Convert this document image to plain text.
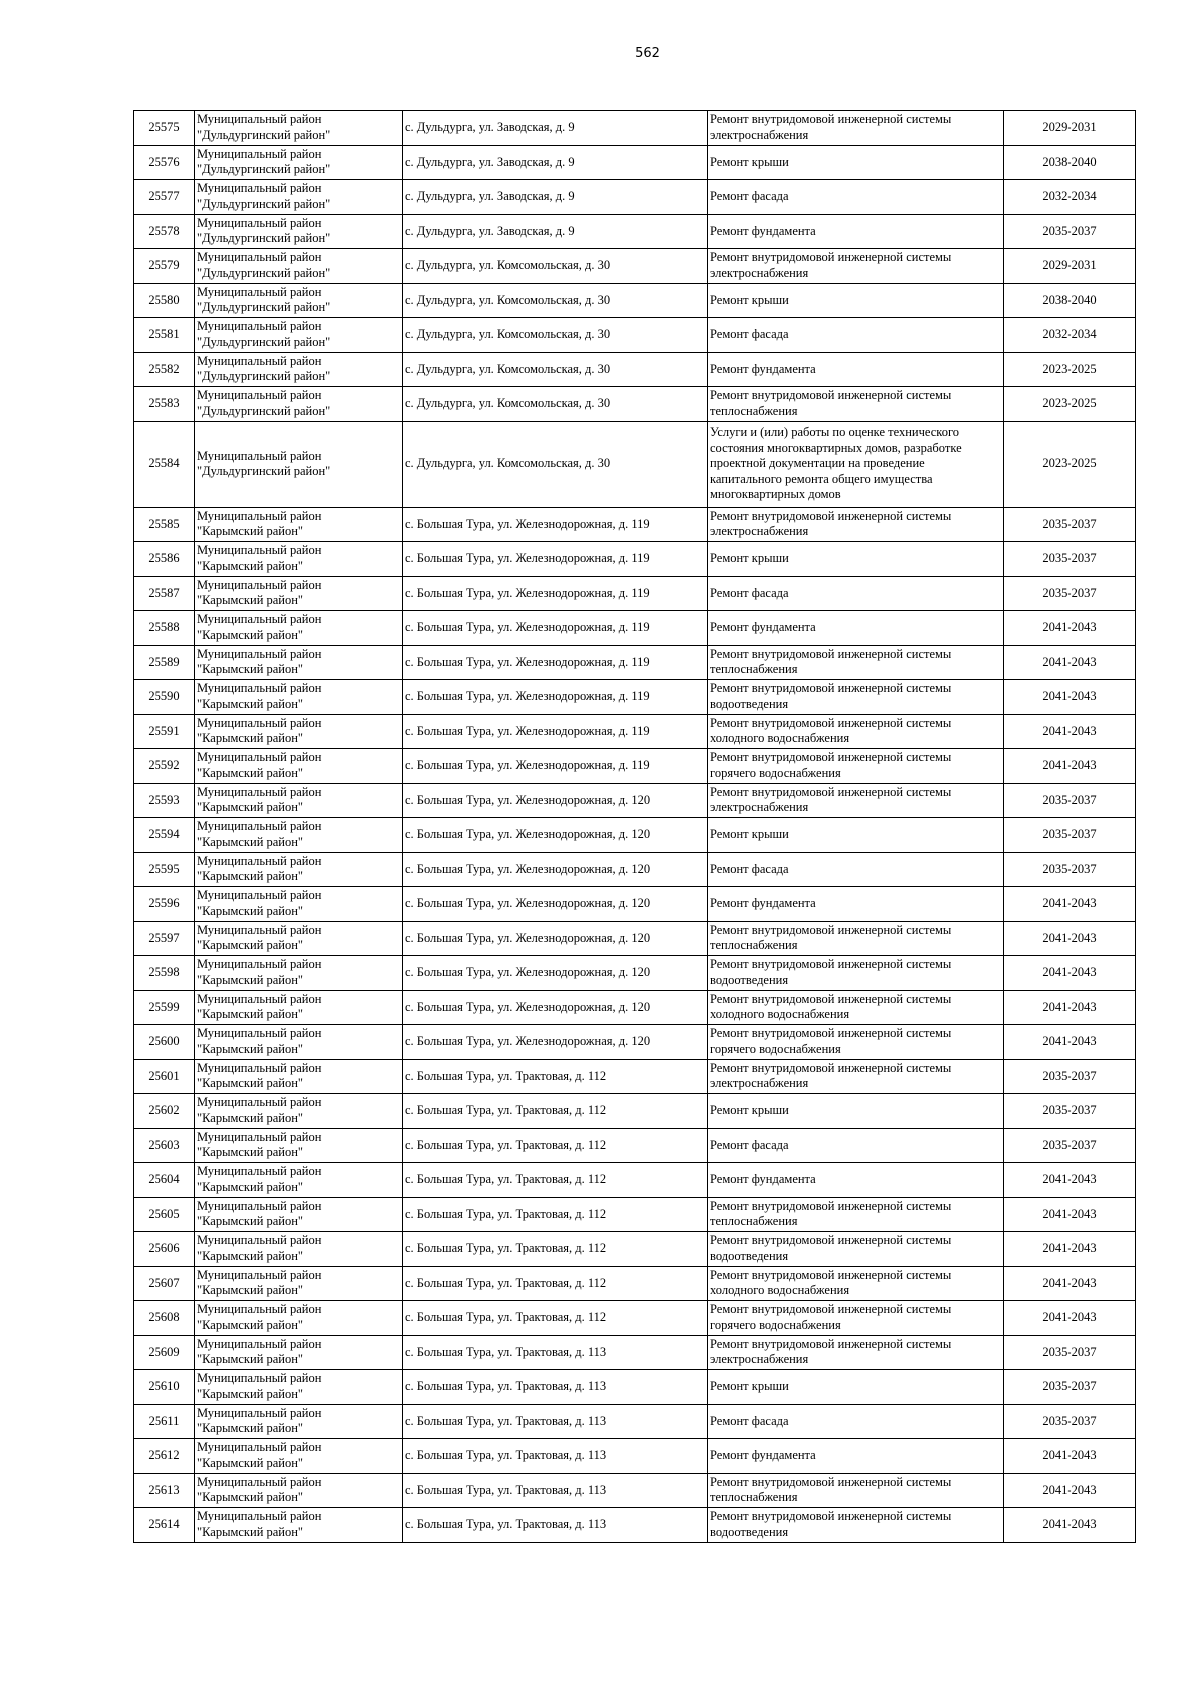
562
25575	Муниципальный район
"Дульдургинский район"	с. Дульдурга, ул. Заводская, д. 9	Ремонт внутридомовой инженерной системы
электроснабжения	2029-2031
25576	Муниципальный район
"Дульдургинский район"	с. Дульдурга, ул. Заводская, д. 9	Ремонт крыши	2038-2040
25577	Муниципальный район
"Дульдургинский район"	с. Дульдурга, ул. Заводская, д. 9	Ремонт фасада	2032-2034
25578	Муниципальный район
"Дульдургинский район"	с. Дульдурга, ул. Заводская, д. 9	Ремонт фундамента	2035-2037
25579	Муниципальный район
"Дульдургинский район"	с. Дульдурга, ул. Комсомольская, д. 30	Ремонт внутридомовой инженерной системы
электроснабжения	2029-2031
25580	Муниципальный район
"Дульдургинский район"	с. Дульдурга, ул. Комсомольская, д. 30	Ремонт крыши	2038-2040
25581	Муниципальный район
"Дульдургинский район"	с. Дульдурга, ул. Комсомольская, д. 30	Ремонт фасада	2032-2034
25582	Муниципальный район
"Дульдургинский район"	с. Дульдурга, ул. Комсомольская, д. 30	Ремонт фундамента	2023-2025
25583	Муниципальный район
"Дульдургинский район"	с. Дульдурга, ул. Комсомольская, д. 30	Ремонт внутридомовой инженерной системы
теплоснабжения	2023-2025
25584	Муниципальный район
"Дульдургинский район"	с. Дульдурга, ул. Комсомольская, д. 30	Услуги и (или) работы по оценке технического
состояния многоквартирных домов, разработке
проектной документации на проведение
капитального ремонта общего имущества
многоквартирных домов	2023-2025
25585	Муниципальный район
"Карымский район"	с. Большая Тура, ул. Железнодорожная, д. 119	Ремонт внутридомовой инженерной системы
электроснабжения	2035-2037
25586	Муниципальный район
"Карымский район"	с. Большая Тура, ул. Железнодорожная, д. 119	Ремонт крыши	2035-2037
25587	Муниципальный район
"Карымский район"	с. Большая Тура, ул. Железнодорожная, д. 119	Ремонт фасада	2035-2037
25588	Муниципальный район
"Карымский район"	с. Большая Тура, ул. Железнодорожная, д. 119	Ремонт фундамента	2041-2043
25589	Муниципальный район
"Карымский район"	с. Большая Тура, ул. Железнодорожная, д. 119	Ремонт внутридомовой инженерной системы
теплоснабжения	2041-2043
25590	Муниципальный район
"Карымский район"	с. Большая Тура, ул. Железнодорожная, д. 119	Ремонт внутридомовой инженерной системы
водоотведения	2041-2043
25591	Муниципальный район
"Карымский район"	с. Большая Тура, ул. Железнодорожная, д. 119	Ремонт внутридомовой инженерной системы
холодного водоснабжения	2041-2043
25592	Муниципальный район
"Карымский район"	с. Большая Тура, ул. Железнодорожная, д. 119	Ремонт внутридомовой инженерной системы
горячего водоснабжения	2041-2043
25593	Муниципальный район
"Карымский район"	с. Большая Тура, ул. Железнодорожная, д. 120	Ремонт внутридомовой инженерной системы
электроснабжения	2035-2037
25594	Муниципальный район
"Карымский район"	с. Большая Тура, ул. Железнодорожная, д. 120	Ремонт крыши	2035-2037
25595	Муниципальный район
"Карымский район"	с. Большая Тура, ул. Железнодорожная, д. 120	Ремонт фасада	2035-2037
25596	Муниципальный район
"Карымский район"	с. Большая Тура, ул. Железнодорожная, д. 120	Ремонт фундамента	2041-2043
25597	Муниципальный район
"Карымский район"	с. Большая Тура, ул. Железнодорожная, д. 120	Ремонт внутридомовой инженерной системы
теплоснабжения	2041-2043
25598	Муниципальный район
"Карымский район"	с. Большая Тура, ул. Железнодорожная, д. 120	Ремонт внутридомовой инженерной системы
водоотведения	2041-2043
25599	Муниципальный район
"Карымский район"	с. Большая Тура, ул. Железнодорожная, д. 120	Ремонт внутридомовой инженерной системы
холодного водоснабжения	2041-2043
25600	Муниципальный район
"Карымский район"	с. Большая Тура, ул. Железнодорожная, д. 120	Ремонт внутридомовой инженерной системы
горячего водоснабжения	2041-2043
25601	Муниципальный район
"Карымский район"	с. Большая Тура, ул. Трактовая, д. 112	Ремонт внутридомовой инженерной системы
электроснабжения	2035-2037
25602	Муниципальный район
"Карымский район"	с. Большая Тура, ул. Трактовая, д. 112	Ремонт крыши	2035-2037
25603	Муниципальный район
"Карымский район"	с. Большая Тура, ул. Трактовая, д. 112	Ремонт фасада	2035-2037
25604	Муниципальный район
"Карымский район"	с. Большая Тура, ул. Трактовая, д. 112	Ремонт фундамента	2041-2043
25605	Муниципальный район
"Карымский район"	с. Большая Тура, ул. Трактовая, д. 112	Ремонт внутридомовой инженерной системы
теплоснабжения	2041-2043
25606	Муниципальный район
"Карымский район"	с. Большая Тура, ул. Трактовая, д. 112	Ремонт внутридомовой инженерной системы
водоотведения	2041-2043
25607	Муниципальный район
"Карымский район"	с. Большая Тура, ул. Трактовая, д. 112	Ремонт внутридомовой инженерной системы
холодного водоснабжения	2041-2043
25608	Муниципальный район
"Карымский район"	с. Большая Тура, ул. Трактовая, д. 112	Ремонт внутридомовой инженерной системы
горячего водоснабжения	2041-2043
25609	Муниципальный район
"Карымский район"	с. Большая Тура, ул. Трактовая, д. 113	Ремонт внутридомовой инженерной системы
электроснабжения	2035-2037
25610	Муниципальный район
"Карымский район"	с. Большая Тура, ул. Трактовая, д. 113	Ремонт крыши	2035-2037
25611	Муниципальный район
"Карымский район"	с. Большая Тура, ул. Трактовая, д. 113	Ремонт фасада	2035-2037
25612	Муниципальный район
"Карымский район"	с. Большая Тура, ул. Трактовая, д. 113	Ремонт фундамента	2041-2043
25613	Муниципальный район
"Карымский район"	с. Большая Тура, ул. Трактовая, д. 113	Ремонт внутридомовой инженерной системы
теплоснабжения	2041-2043
25614	Муниципальный район
"Карымский район"	с. Большая Тура, ул. Трактовая, д. 113	Ремонт внутридомовой инженерной системы
водоотведения	2041-2043
